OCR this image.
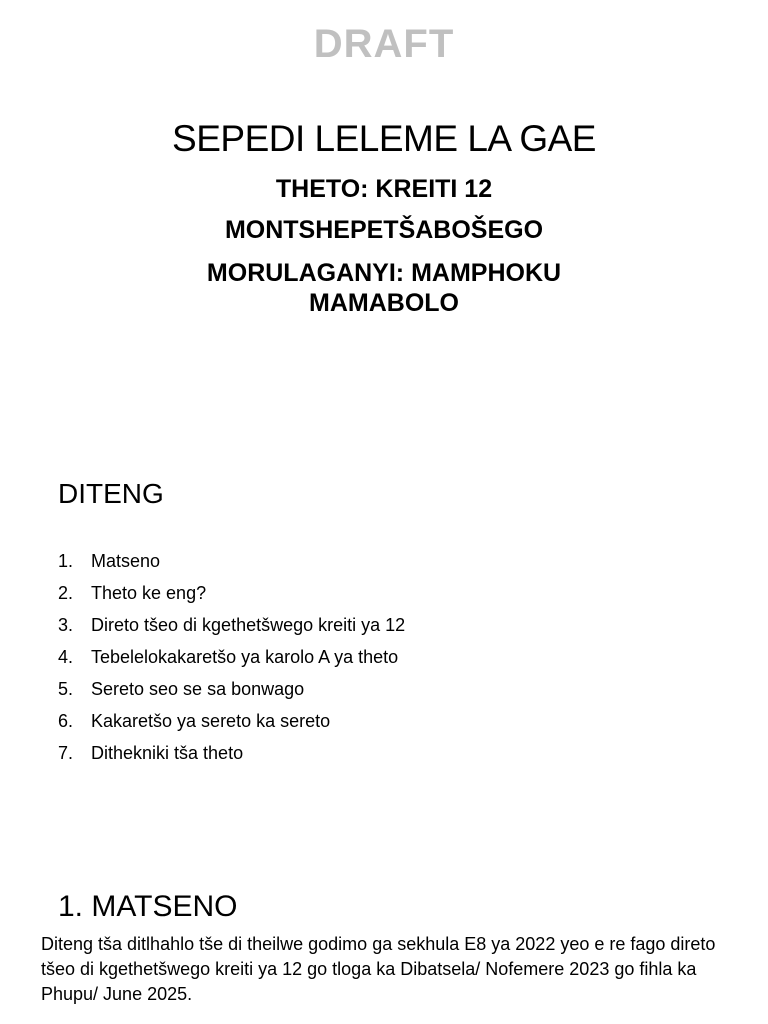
DRAFT
SEPEDI LELEME LA GAE
THETO: KREITI 12
MONTSHEPETŠABOŠEGO
MORULAGANYI: MAMPHOKU MAMABOLO
DITENG
1. Matseno
2. Theto ke eng?
3. Direto tšeo di kgethetšwego kreiti ya 12
4. Tebelelokakaretšo ya karolo A ya theto
5. Sereto seo se sa bonwago
6. Kakaretšo ya sereto ka sereto
7. Dithekniki tša theto
1. MATSENO
Diteng tša ditlhahlo tše di theilwe godimo ga sekhula E8 ya 2022 yeo e re fago direto tšeo di kgethetšwego kreiti ya 12 go tloga ka Dibatsela/ Nofemere 2023 go fihla ka Phupu/ June 2025.
